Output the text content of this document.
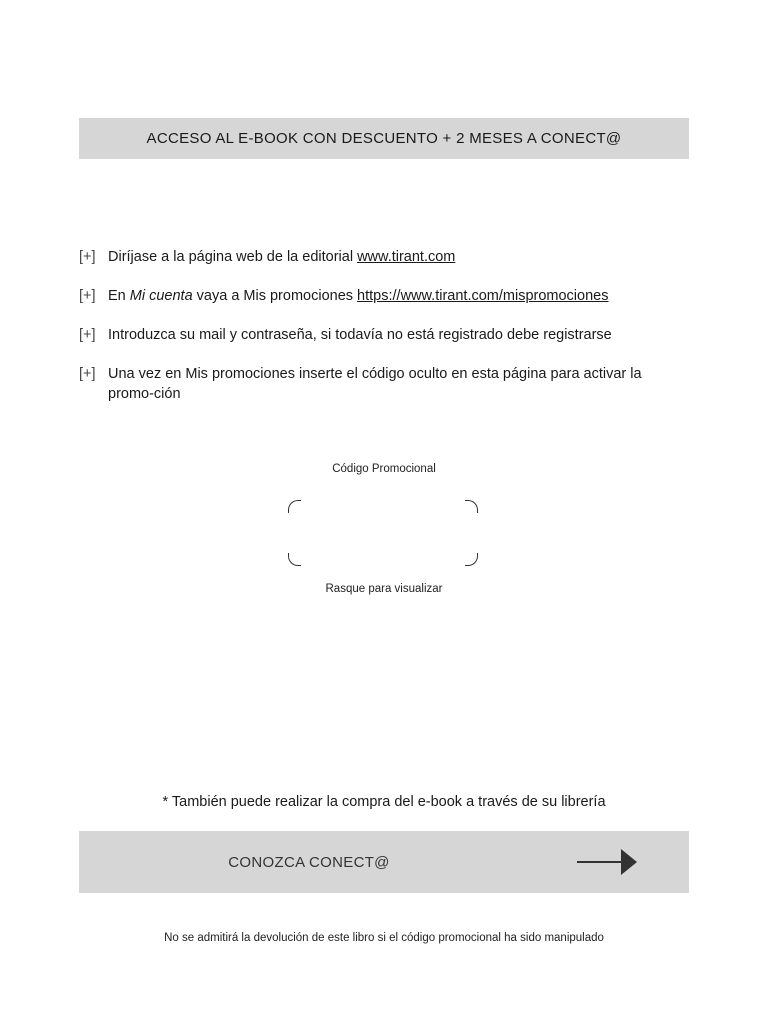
ACCESO AL E-BOOK CON DESCUENTO + 2 MESES A CONECT@
[+] Diríjase a la página web de la editorial www.tirant.com
[+] En Mi cuenta vaya a Mis promociones https://www.tirant.com/mispromociones
[+] Introduzca su mail y contraseña, si todavía no está registrado debe registrarse
[+] Una vez en Mis promociones inserte el código oculto en esta página para activar la promo-ción
Código Promocional
Rasque para visualizar
* También puede realizar la compra del e-book a través de su librería
CONOZCA CONECT@
No se admitirá la devolución de este libro si el código promocional ha sido manipulado
